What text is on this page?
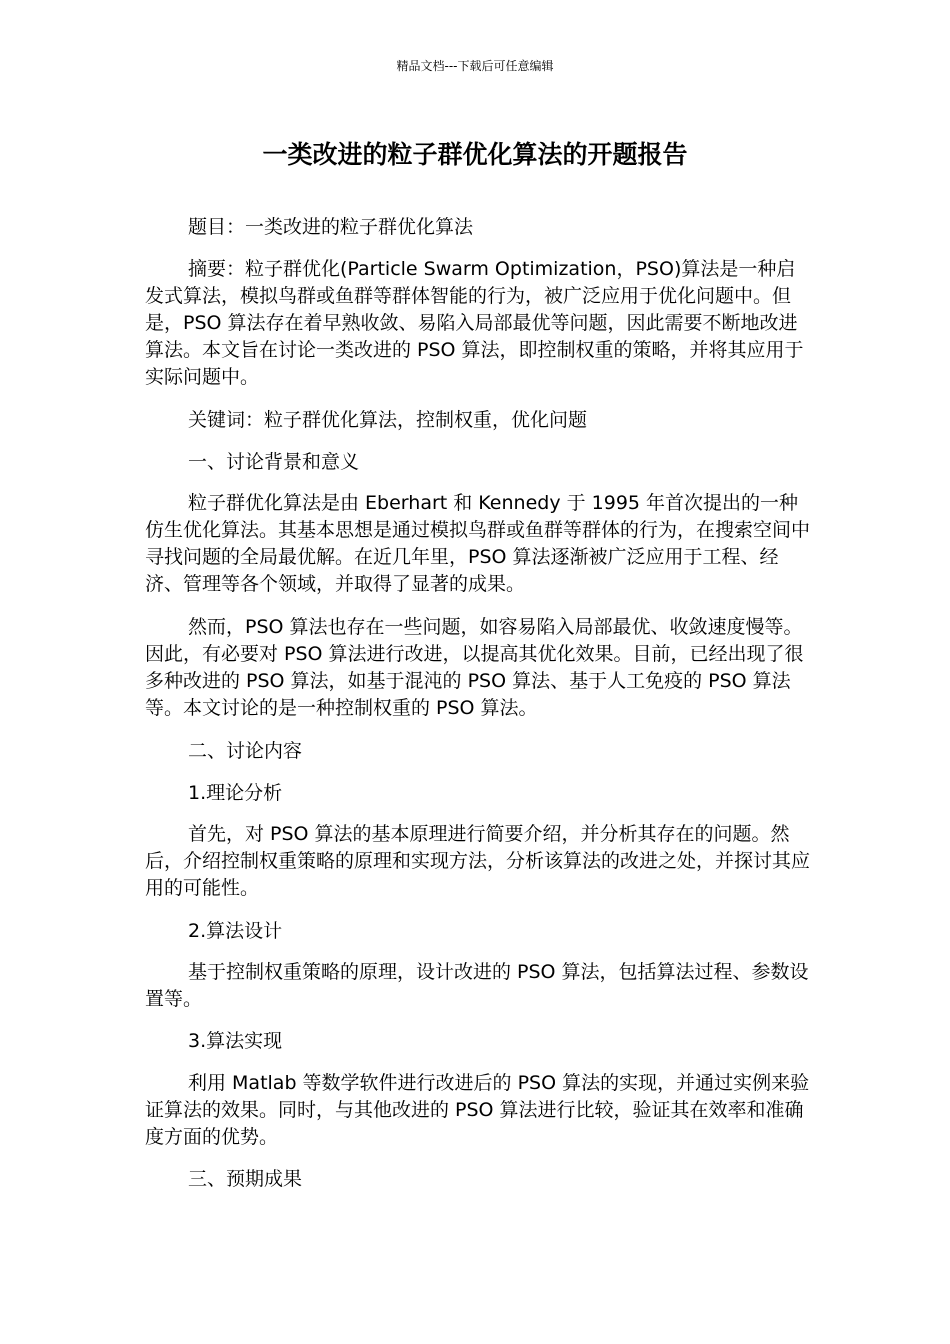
精品文档---下载后可任意编辑
一类改进的粒子群优化算法的开题报告

题目：一类改进的粒子群优化算法

摘要：粒子群优化(Particle Swarm Optimization，PSO)算法是一种启发式算法，模拟鸟群或鱼群等群体智能的行为，被广泛应用于优化问题中。但是，PSO 算法存在着早熟收敛、易陷入局部最优等问题，因此需要不断地改进算法。本文旨在讨论一类改进的 PSO 算法，即控制权重的策略，并将其应用于实际问题中。

关键词：粒子群优化算法，控制权重，优化问题

一、讨论背景和意义

粒子群优化算法是由 Eberhart 和 Kennedy 于 1995 年首次提出的一种仿生优化算法。其基本思想是通过模拟鸟群或鱼群等群体的行为，在搜索空间中寻找问题的全局最优解。在近几年里，PSO 算法逐渐被广泛应用于工程、经济、管理等各个领域，并取得了显著的成果。

然而，PSO 算法也存在一些问题，如容易陷入局部最优、收敛速度慢等。因此，有必要对 PSO 算法进行改进，以提高其优化效果。目前，已经出现了很多种改进的 PSO 算法，如基于混沌的 PSO 算法、基于人工免疫的 PSO 算法等。本文讨论的是一种控制权重的 PSO 算法。

二、讨论内容

1.理论分析

首先，对 PSO 算法的基本原理进行简要介绍，并分析其存在的问题。然后，介绍控制权重策略的原理和实现方法，分析该算法的改进之处，并探讨其应用的可能性。

2.算法设计

基于控制权重策略的原理，设计改进的 PSO 算法，包括算法过程、参数设置等。

3.算法实现

利用 Matlab 等数学软件进行改进后的 PSO 算法的实现，并通过实例来验证算法的效果。同时，与其他改进的 PSO 算法进行比较，验证其在效率和准确度方面的优势。

三、预期成果
